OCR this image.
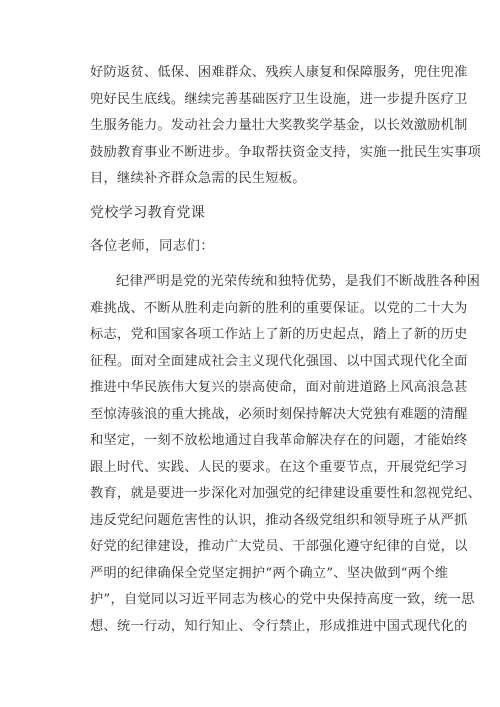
好防返贫、低保、困难群众、残疾人康复和保障服务，兜住兜准
兜好民生底线。继续完善基础医疗卫生设施，进一步提升医疗卫
生服务能力。发动社会力量壮大奖教奖学基金，以长效激励机制
鼓励教育事业不断进步。争取帮扶资金支持，实施一批民生实事项
目，继续补齐群众急需的民生短板。
党校学习教育党课
各位老师，同志们：
纪律严明是党的光荣传统和独特优势，是我们不断战胜各种困
难挑战、不断从胜利走向新的胜利的重要保证。以党的二十大为
标志，党和国家各项工作站上了新的历史起点，踏上了新的历史
征程。面对全面建成社会主义现代化强国、以中国式现代化全面
推进中华民族伟大复兴的崇高使命，面对前进道路上风高浪急甚
至惊涛骇浪的重大挑战，必须时刻保持解决大党独有难题的清醒
和坚定，一刻不放松地通过自我革命解决存在的问题，才能始终
跟上时代、实践、人民的要求。在这个重要节点，开展党纪学习
教育，就是要进一步深化对加强党的纪律建设重要性和忽视党纪、
违反党纪问题危害性的认识，推动各级党组织和领导班子从严抓
好党的纪律建设，推动广大党员、干部强化遵守纪律的自觉，以
严明的纪律确保全党坚定拥护“两个确立”、坚决做到“两个维
护”，自觉同以习近平同志为核心的党中央保持高度一致，统一思
想、统一行动，知行知止、令行禁止，形成推进中国式现代化的
